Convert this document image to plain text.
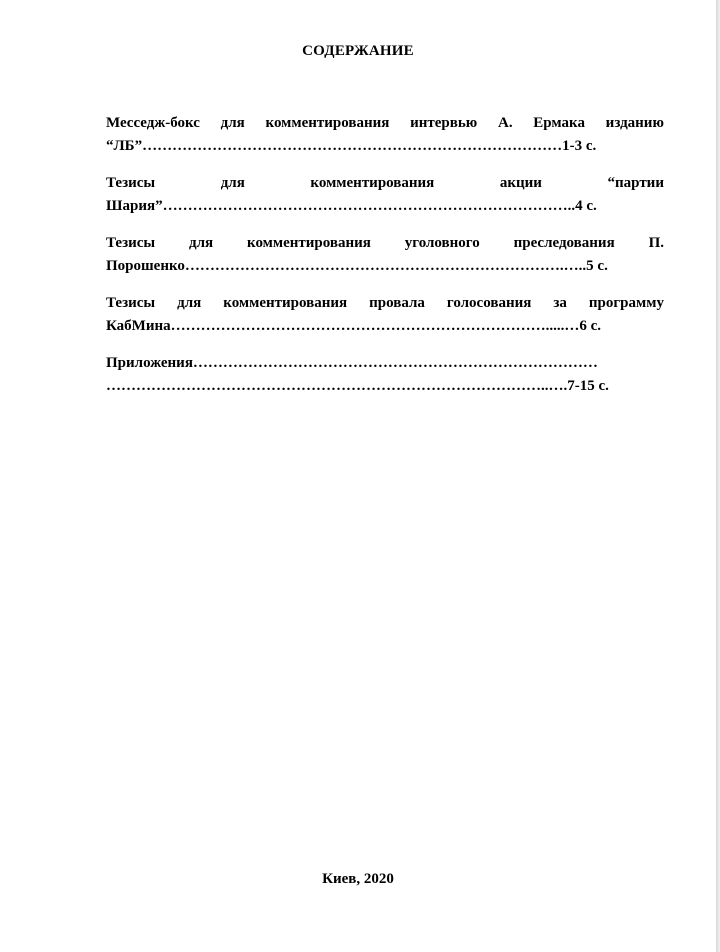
СОДЕРЖАНИЕ
Месседж-бокс для комментирования интервью А. Ермака изданию
“ЛБ”…………………………………………………………………………1-3 с.
Тезисы	для	комментирования	акции	“партии
Шария”………………………………………………………………………..4 с.
Тезисы для комментирования уголовного преследования П.
Порошенко………………………………………………………………….…..5 с.
Тезисы для комментирования провала голосования за программу
КабМина………………………………………………………………….....…6 с.
Приложения………………………………………………………………………
……………………………………………………………………………..….7-15 с.
Киев, 2020
